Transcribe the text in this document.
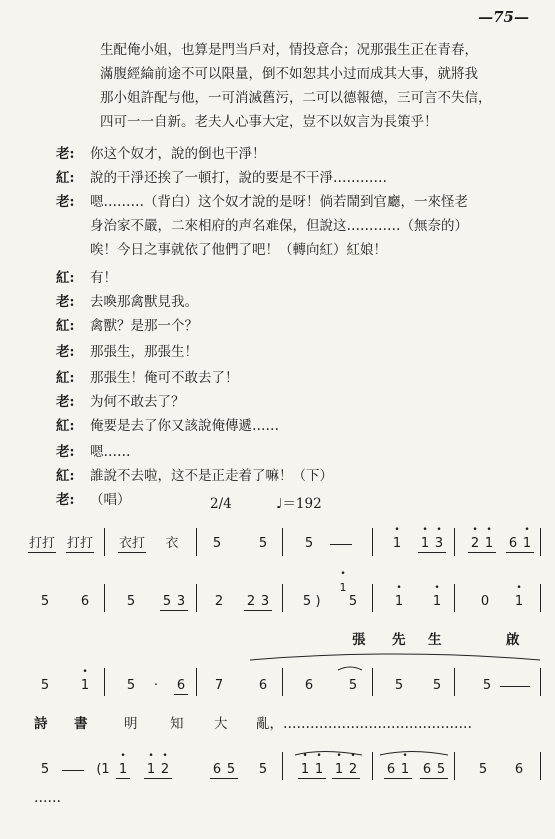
—75—
生配俺小姐，也算是門当戶对，情投意合；况那張生正在青春，
滿腹經綸前途不可以限量，倒不如恕其小过而成其大事，就將我
那小姐許配与他，一可消滅舊污，二可以德報德，三可言不失信，
四可一一自新。老夫人心事大定，豈不以奴言为長策乎！
老: 你这个奴才，說的倒也干淨！
紅: 說的干淨还挨了一頓打，說的要是不干淨…………
老: 嗯………（背白）这个奴才說的是呀！倘若鬧到官廳，一來怪老
身治家不嚴，二來相府的声名难保，但說这…………（無奈的）
唉！今日之事就依了他們了吧！（轉向紅）紅娘！
紅: 有！
老: 去喚那禽獸見我。
紅: 禽獸？是那一个？
老: 那張生，那張生！
紅: 那張生！俺可不敢去了！
老: 为何不敢去了？
紅: 俺要是去了你又該說俺傳遞……
老: 嗯……
紅: 誰說不去啦，这不是正走着了嘛！（下）
老: （唱）	2/4	♩＝192
打打 打打 衣打 衣	5	5	5	• 1 • 1 • 3 • 2 • 1 6 • 1
5 6	5 5 3 2 2 3	5 )
• 1
5	• 1 • 1	0 • 1
張 先 生	啟
5 • 1	5 · 6 7	6	6	5	5 5	5
詩 書	明 知 大 亂，……………………………………
5	(1 • 1 • 1 • 2	6 5 5	• 1 • 1 • 1 • 2 6 • 1 6 5	5 6
……
